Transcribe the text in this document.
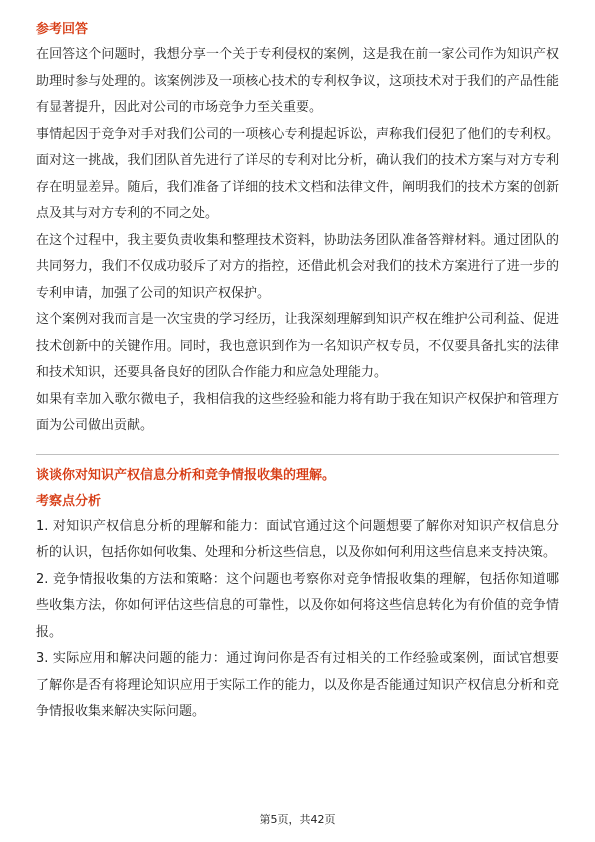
参考回答

在回答这个问题时，我想分享一个关于专利侵权的案例，这是我在前一家公司作为知识产权助理时参与处理的。该案例涉及一项核心技术的专利权争议，这项技术对于我们的产品性能有显著提升，因此对公司的市场竞争力至关重要。

事情起因于竞争对手对我们公司的一项核心专利提起诉讼，声称我们侵犯了他们的专利权。面对这一挑战，我们团队首先进行了详尽的专利对比分析，确认我们的技术方案与对方专利存在明显差异。随后，我们准备了详细的技术文档和法律文件，阐明我们的技术方案的创新点及其与对方专利的不同之处。

在这个过程中，我主要负责收集和整理技术资料，协助法务团队准备答辩材料。通过团队的共同努力，我们不仅成功驳斥了对方的指控，还借此机会对我们的技术方案进行了进一步的专利申请，加强了公司的知识产权保护。

这个案例对我而言是一次宝贵的学习经历，让我深刻理解到知识产权在维护公司利益、促进技术创新中的关键作用。同时，我也意识到作为一名知识产权专员，不仅要具备扎实的法律和技术知识，还要具备良好的团队合作能力和应急处理能力。

如果有幸加入歌尔微电子，我相信我的这些经验和能力将有助于我在知识产权保护和管理方面为公司做出贡献。

谈谈你对知识产权信息分析和竞争情报收集的理解。
考察点分析

1. 对知识产权信息分析的理解和能力：面试官通过这个问题想要了解你对知识产权信息分析的认识，包括你如何收集、处理和分析这些信息，以及你如何利用这些信息来支持决策。

2. 竞争情报收集的方法和策略：这个问题也考察你对竞争情报收集的理解，包括你知道哪些收集方法，你如何评估这些信息的可靠性，以及你如何将这些信息转化为有价值的竞争情报。

3. 实际应用和解决问题的能力：通过询问你是否有过相关的工作经验或案例，面试官想要了解你是否有将理论知识应用于实际工作的能力，以及你是否能通过知识产权信息分析和竞争情报收集来解决实际问题。

第5页，共42页
